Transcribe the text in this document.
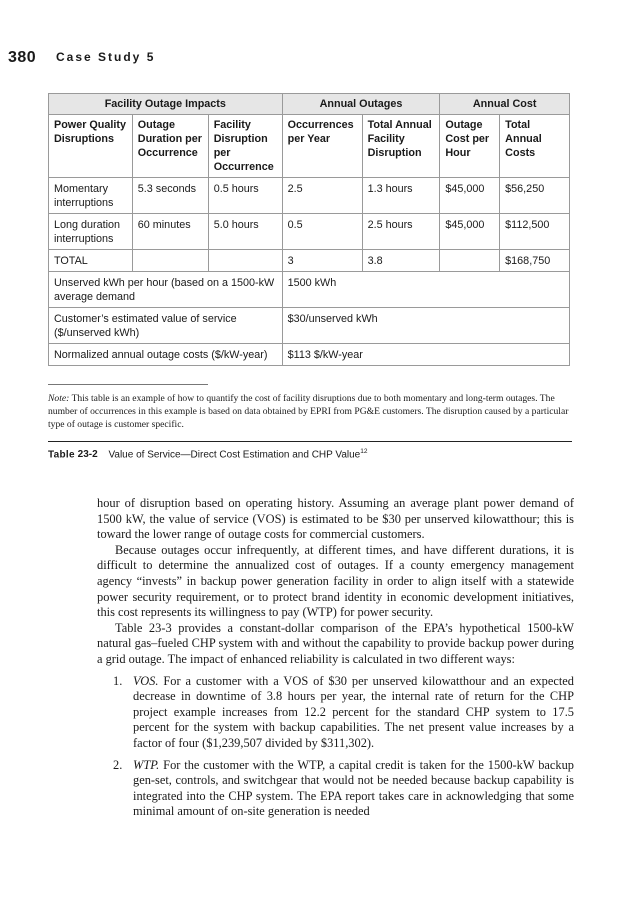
380 Case Study 5
Facility Outage Impacts			Annual Outages		Annual Cost	
Power Quality Disruptions	Outage Duration per Occurrence	Facility Disruption per Occurrence	Occurrences per Year	Total Annual Facility Disruption	Outage Cost per Hour	Total Annual Costs
Momentary interruptions	5.3 seconds	0.5 hours	2.5	1.3 hours	$45,000	$56,250
Long duration interruptions	60 minutes	5.0 hours	0.5	2.5 hours	$45,000	$112,500
TOTAL			3	3.8		$168,750
Unserved kWh per hour (based on a 1500-kW average demand			1500 kWh			
Customer’s estimated value of service ($/unserved kWh)			$30/unserved kWh			
Normalized annual outage costs ($/kW-year)			$113 $/kW-year			
Note: This table is an example of how to quantify the cost of facility disruptions due to both momentary and long-term outages. The number of occurrences in this example is based on data obtained by EPRI from PG&E customers. The disruption caused by a particular type of outage is customer specific.
Table 23-2 Value of Service—Direct Cost Estimation and CHP Value$^{12}$

hour of disruption based on operating history. Assuming an average plant power demand of 1500 kW, the value of service (VOS) is estimated to be $30 per unserved kilowatthour; this is toward the lower range of outage costs for commercial customers.

Because outages occur infrequently, at different times, and have different durations, it is difficult to determine the annualized cost of outages. If a county emergency management agency “invests” in backup power generation facility in order to align itself with a statewide power security requirement, or to protect brand identity in economic development initiatives, this cost represents its willingness to pay (WTP) for power security.

Table 23-3 provides a constant-dollar comparison of the EPA’s hypothetical 1500-kW natural gas–fueled CHP system with and without the capability to provide backup power during a grid outage. The impact of enhanced reliability is calculated in two different ways:

1. VOS. For a customer with a VOS of $30 per unserved kilowatthour and an expected decrease in downtime of 3.8 hours per year, the internal rate of return for the CHP project example increases from 12.2 percent for the standard CHP system to 17.5 percent for the system with backup capabilities. The net present value increases by a factor of four ($1,239,507 divided by $311,302).
2. WTP. For the customer with the WTP, a capital credit is taken for the 1500-kW backup gen-set, controls, and switchgear that would not be needed because backup capability is integrated into the CHP system. The EPA report takes care in acknowledging that some minimal amount of on-site generation is needed
